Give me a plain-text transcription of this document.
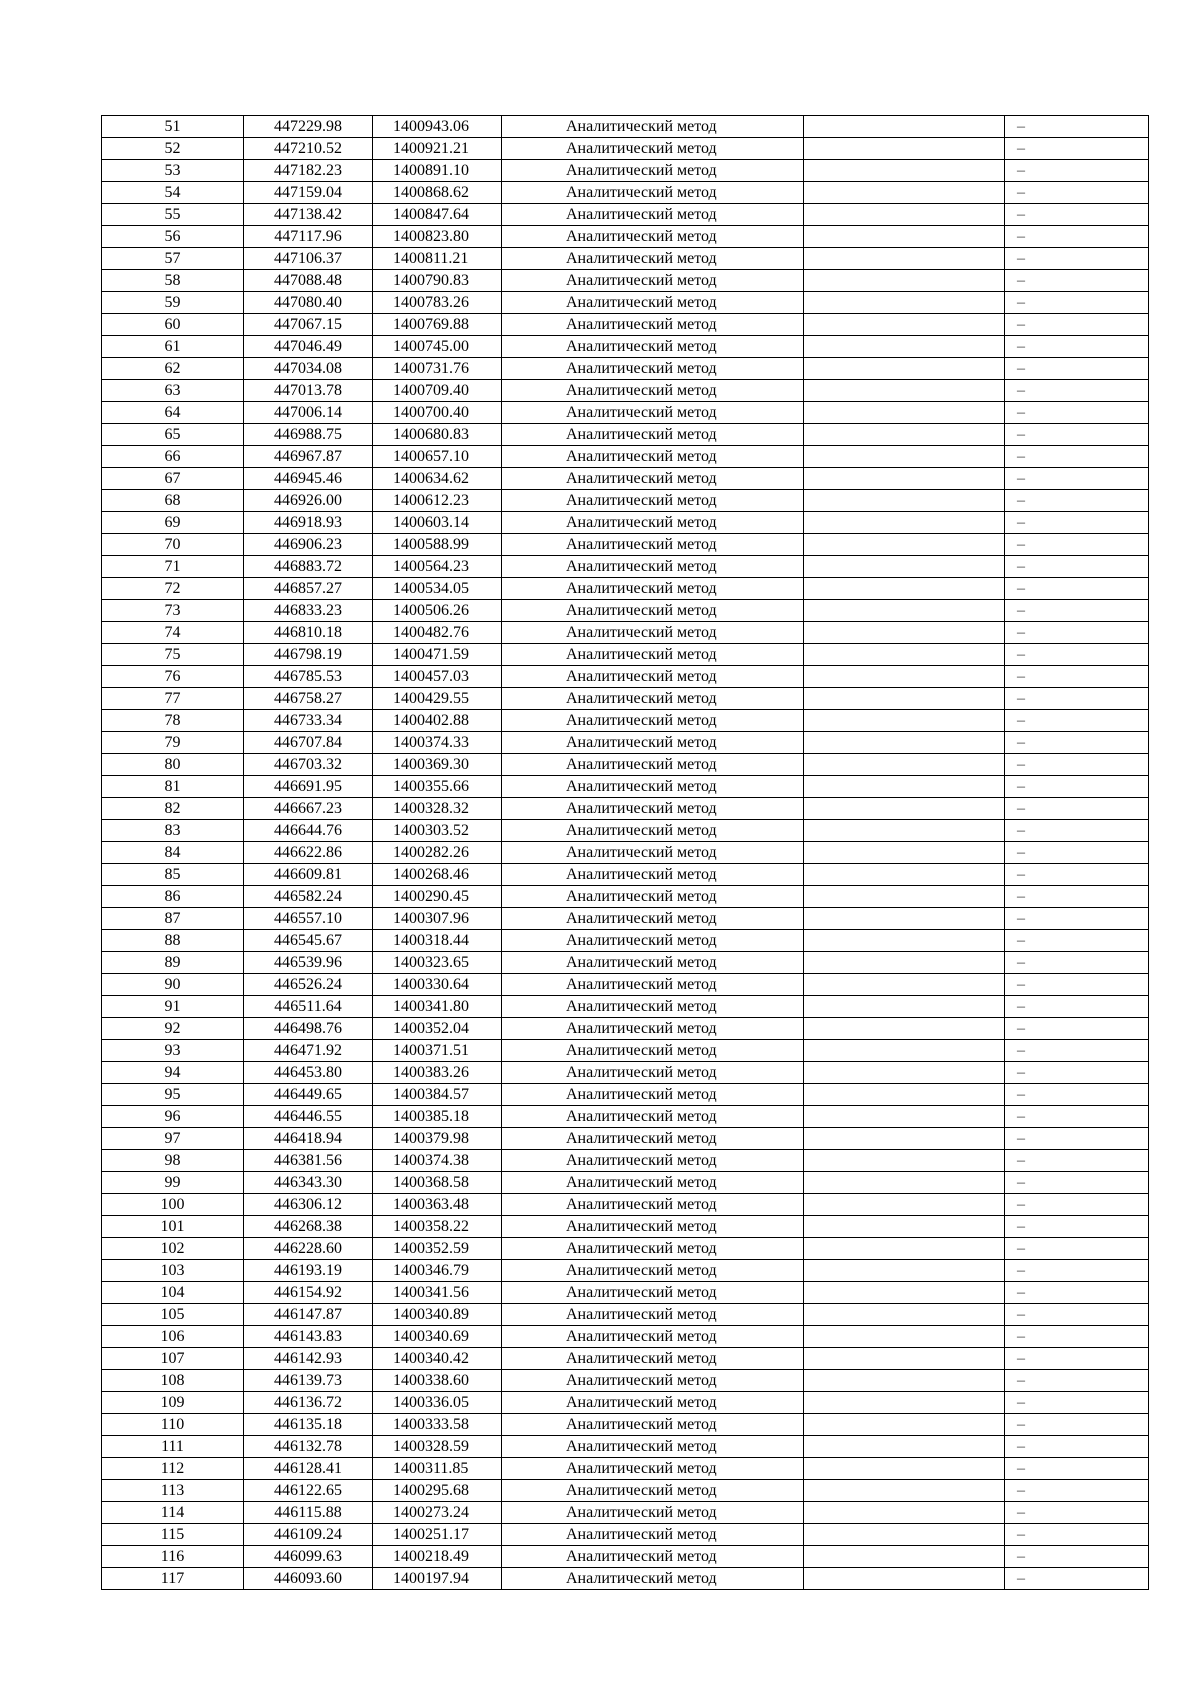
51	447229.98	1400943.06	Аналитический метод		–
52	447210.52	1400921.21	Аналитический метод		–
53	447182.23	1400891.10	Аналитический метод		–
54	447159.04	1400868.62	Аналитический метод		–
55	447138.42	1400847.64	Аналитический метод		–
56	447117.96	1400823.80	Аналитический метод		–
57	447106.37	1400811.21	Аналитический метод		–
58	447088.48	1400790.83	Аналитический метод		–
59	447080.40	1400783.26	Аналитический метод		–
60	447067.15	1400769.88	Аналитический метод		–
61	447046.49	1400745.00	Аналитический метод		–
62	447034.08	1400731.76	Аналитический метод		–
63	447013.78	1400709.40	Аналитический метод		–
64	447006.14	1400700.40	Аналитический метод		–
65	446988.75	1400680.83	Аналитический метод		–
66	446967.87	1400657.10	Аналитический метод		–
67	446945.46	1400634.62	Аналитический метод		–
68	446926.00	1400612.23	Аналитический метод		–
69	446918.93	1400603.14	Аналитический метод		–
70	446906.23	1400588.99	Аналитический метод		–
71	446883.72	1400564.23	Аналитический метод		–
72	446857.27	1400534.05	Аналитический метод		–
73	446833.23	1400506.26	Аналитический метод		–
74	446810.18	1400482.76	Аналитический метод		–
75	446798.19	1400471.59	Аналитический метод		–
76	446785.53	1400457.03	Аналитический метод		–
77	446758.27	1400429.55	Аналитический метод		–
78	446733.34	1400402.88	Аналитический метод		–
79	446707.84	1400374.33	Аналитический метод		–
80	446703.32	1400369.30	Аналитический метод		–
81	446691.95	1400355.66	Аналитический метод		–
82	446667.23	1400328.32	Аналитический метод		–
83	446644.76	1400303.52	Аналитический метод		–
84	446622.86	1400282.26	Аналитический метод		–
85	446609.81	1400268.46	Аналитический метод		–
86	446582.24	1400290.45	Аналитический метод		–
87	446557.10	1400307.96	Аналитический метод		–
88	446545.67	1400318.44	Аналитический метод		–
89	446539.96	1400323.65	Аналитический метод		–
90	446526.24	1400330.64	Аналитический метод		–
91	446511.64	1400341.80	Аналитический метод		–
92	446498.76	1400352.04	Аналитический метод		–
93	446471.92	1400371.51	Аналитический метод		–
94	446453.80	1400383.26	Аналитический метод		–
95	446449.65	1400384.57	Аналитический метод		–
96	446446.55	1400385.18	Аналитический метод		–
97	446418.94	1400379.98	Аналитический метод		–
98	446381.56	1400374.38	Аналитический метод		–
99	446343.30	1400368.58	Аналитический метод		–
100	446306.12	1400363.48	Аналитический метод		–
101	446268.38	1400358.22	Аналитический метод		–
102	446228.60	1400352.59	Аналитический метод		–
103	446193.19	1400346.79	Аналитический метод		–
104	446154.92	1400341.56	Аналитический метод		–
105	446147.87	1400340.89	Аналитический метод		–
106	446143.83	1400340.69	Аналитический метод		–
107	446142.93	1400340.42	Аналитический метод		–
108	446139.73	1400338.60	Аналитический метод		–
109	446136.72	1400336.05	Аналитический метод		–
110	446135.18	1400333.58	Аналитический метод		–
111	446132.78	1400328.59	Аналитический метод		–
112	446128.41	1400311.85	Аналитический метод		–
113	446122.65	1400295.68	Аналитический метод		–
114	446115.88	1400273.24	Аналитический метод		–
115	446109.24	1400251.17	Аналитический метод		–
116	446099.63	1400218.49	Аналитический метод		–
117	446093.60	1400197.94	Аналитический метод		–
